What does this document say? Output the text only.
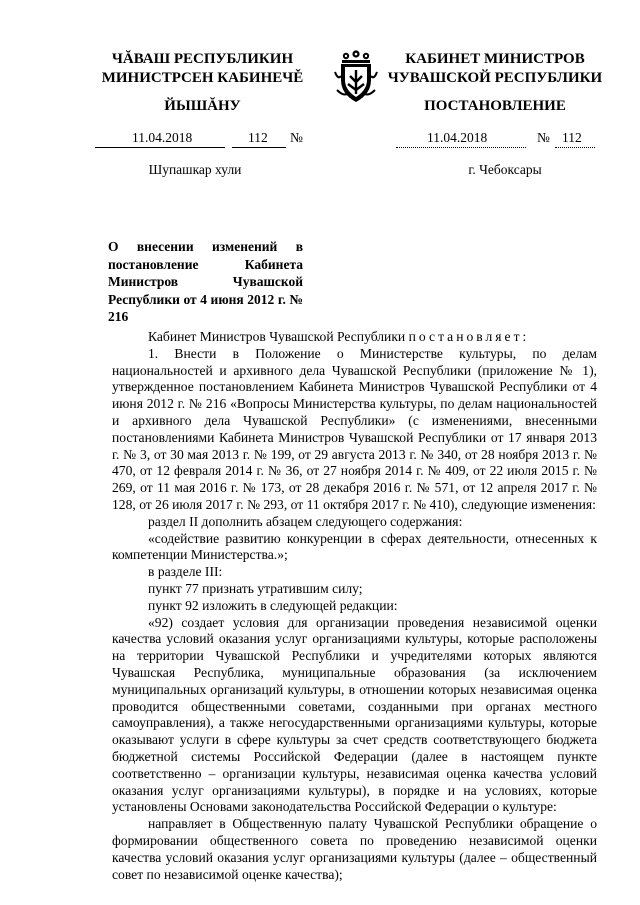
ЧĂВАШ РЕСПУБЛИКИН
МИНИСТРСЕН КАБИНЕЧĚ
ЙЫШĂНУ
КАБИНЕТ МИНИСТРОВ
ЧУВАШСКОЙ РЕСПУБЛИКИ
ПОСТАНОВЛЕНИЕ
11.04.2018	112 №	11.04.2018	№ 112
Шупашкар хули	г. Чебоксары
О внесении изменений в постановление Кабинета Министров Чувашской Республики от 4 июня 2012 г. № 216

Кабинет Министров Чувашской Республики постановляет:

1. Внести в Положение о Министерстве культуры, по делам национальностей и архивного дела Чувашской Республики (приложение № 1), утвержденное постановлением Кабинета Министров Чувашской Республики от 4 июня 2012 г. № 216 «Вопросы Министерства культуры, по делам национальностей и архивного дела Чувашской Республики» (с изменениями, внесенными постановлениями Кабинета Министров Чувашской Республики от 17 января 2013 г. № 3, от 30 мая 2013 г. № 199, от 29 августа 2013 г. № 340, от 28 ноября 2013 г. № 470, от 12 февраля 2014 г. № 36, от 27 ноября 2014 г. № 409, от 22 июля 2015 г. № 269, от 11 мая 2016 г. № 173, от 28 декабря 2016 г. № 571, от 12 апреля 2017 г. № 128, от 26 июля 2017 г. № 293, от 11 октября 2017 г. № 410), следующие изменения:

раздел II дополнить абзацем следующего содержания:

«содействие развитию конкуренции в сферах деятельности, отнесенных к компетенции Министерства.»;

в разделе III:

пункт 77 признать утратившим силу;

пункт 92 изложить в следующей редакции:

«92) создает условия для организации проведения независимой оценки качества условий оказания услуг организациями культуры, которые расположены на территории Чувашской Республики и учредителями которых являются Чувашская Республика, муниципальные образования (за исключением муниципальных организаций культуры, в отношении которых независимая оценка проводится общественными советами, созданными при органах местного самоуправления), а также негосударственными организациями культуры, которые оказывают услуги в сфере культуры за счет средств соответствующего бюджета бюджетной системы Российской Федерации (далее в настоящем пункте соответственно – организации культуры, независимая оценка качества условий оказания услуг организациями культуры), в порядке и на условиях, которые установлены Основами законодательства Российской Федерации о культуре:

направляет в Общественную палату Чувашской Республики обращение о формировании общественного совета по проведению независимой оценки качества условий оказания услуг организациями культуры (далее – общественный совет по независимой оценке качества);
